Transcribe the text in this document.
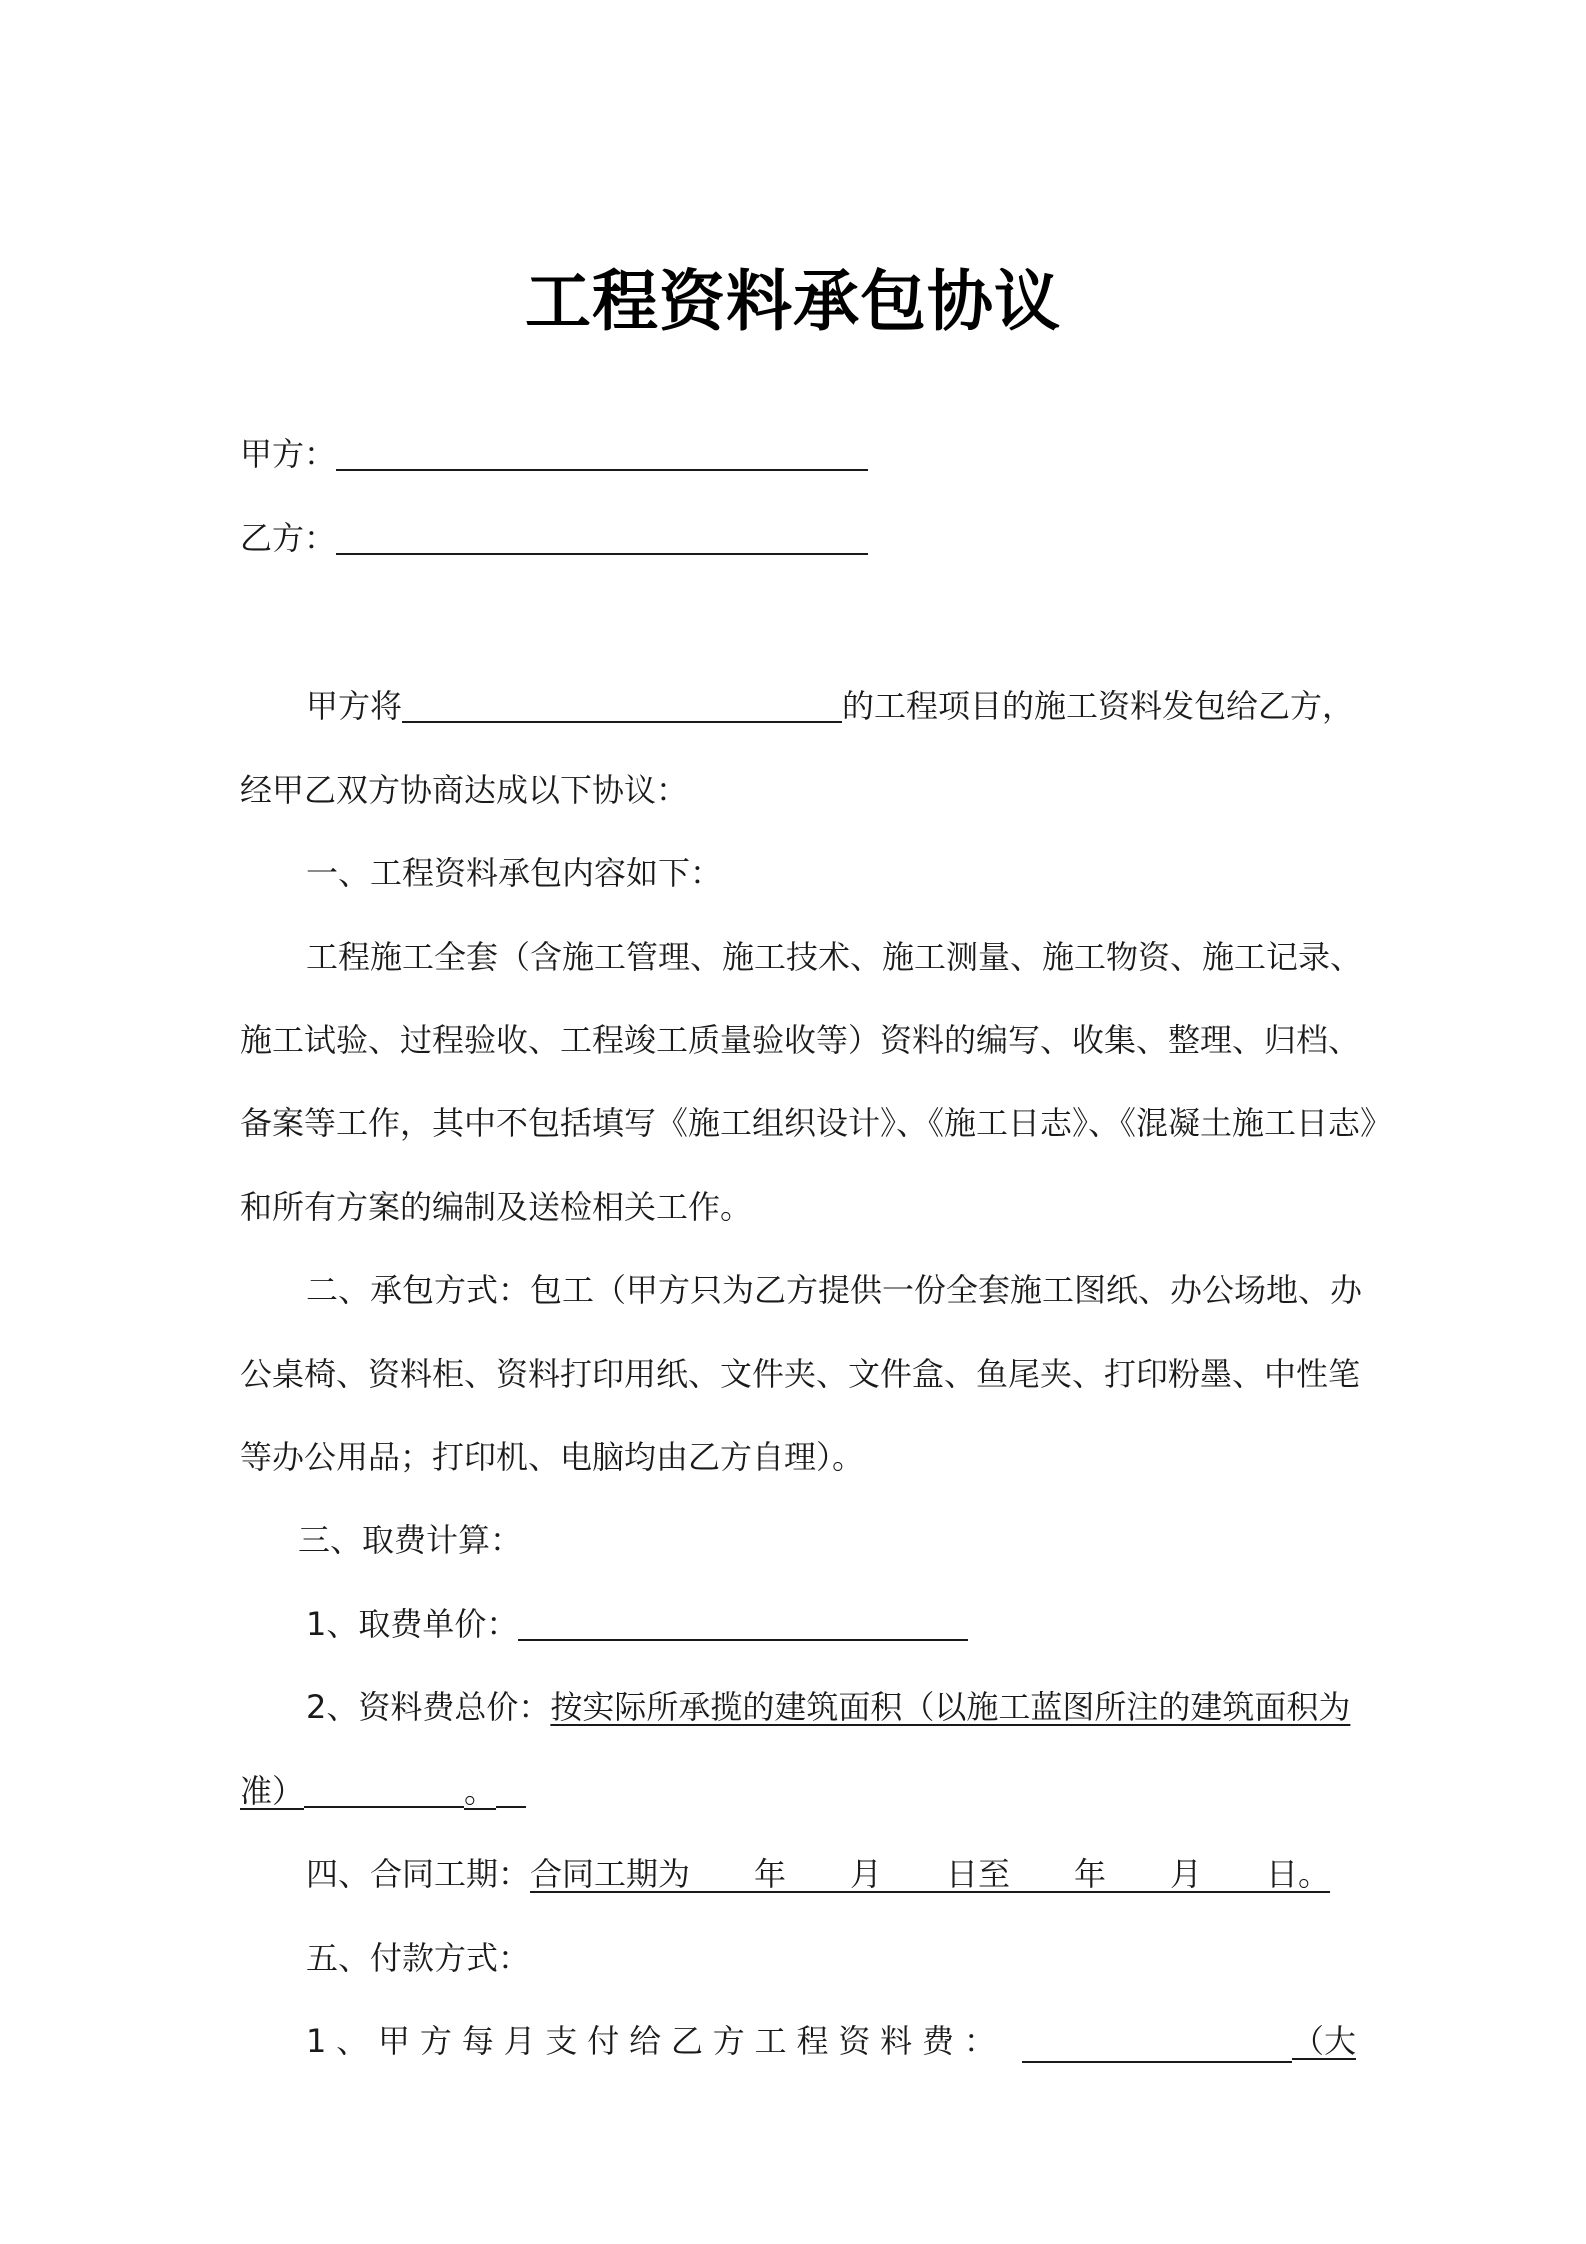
工程资料承包协议
甲方：
乙方：
甲方将	的工程项目的施工资料发包给乙方，
经甲乙双方协商达成以下协议：
一、工程资料承包内容如下：
工程施工全套（含施工管理、施工技术、施工测量、施工物资、施工记录、
施工试验、过程验收、工程竣工质量验收等）资料的编写、收集、整理、归档、
备案等工作，其中不包括填写《施工组织设计》、《施工日志》、《混凝土施工日志》
和所有方案的编制及送检相关工作。
二、承包方式：包工（甲方只为乙方提供一份全套施工图纸、办公场地、办
公桌椅、资料柜、资料打印用纸、文件夹、文件盒、鱼尾夹、打印粉墨、中性笔
等办公用品；打印机、电脑均由乙方自理）。
三、取费计算：
1、取费单价：
2、资料费总价：按实际所承揽的建筑面积（以施工蓝图所注的建筑面积为
准）	。
四、合同工期：合同工期为　　年　　月　　日至　　年　　月　　日。
五、付款方式：
1 、 甲 方 每 月 支 付 给 乙 方 工 程 资 料 费 ：	（大
